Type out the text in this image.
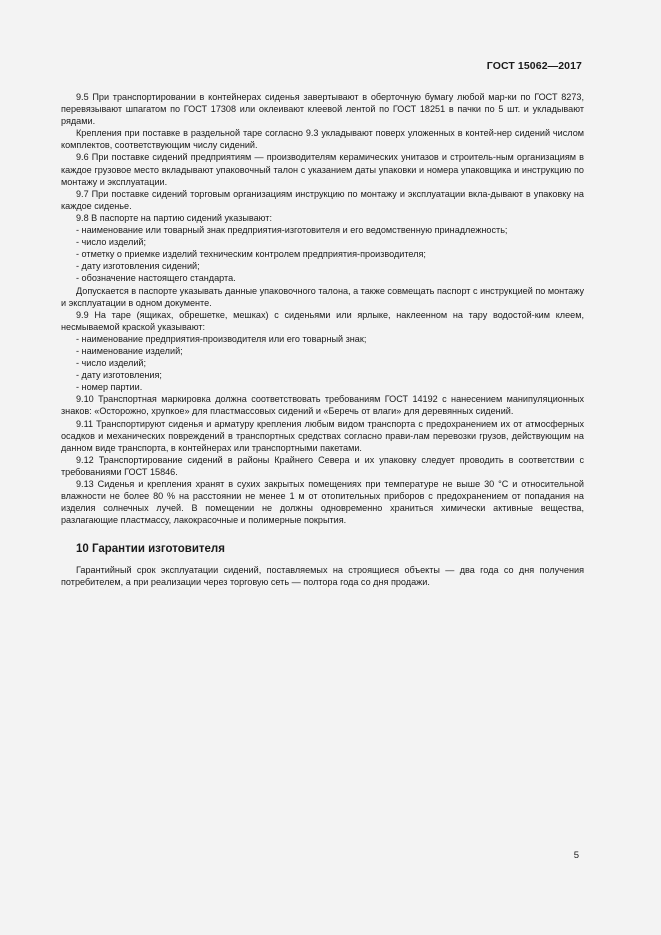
ГОСТ 15062—2017

9.5 При транспортировании в контейнерах сиденья завертывают в оберточную бумагу любой мар-ки по ГОСТ 8273, перевязывают шпагатом по ГОСТ 17308 или оклеивают клеевой лентой по ГОСТ 18251 в пачки по 5 шт. и укладывают рядами.

Крепления при поставке в раздельной таре согласно 9.3 укладывают поверх уложенных в контей-нер сидений числом комплектов, соответствующим числу сидений.

9.6 При поставке сидений предприятиям — производителям керамических унитазов и строитель-ным организациям в каждое грузовое место вкладывают упаковочный талон с указанием даты упаковки и номера упаковщика и инструкцию по монтажу и эксплуатации.

9.7 При поставке сидений торговым организациям инструкцию по монтажу и эксплуатации вкла-дывают в упаковку на каждое сиденье.

9.8 В паспорте на партию сидений указывают:

- наименование или товарный знак предприятия-изготовителя и его ведомственную принадлежность;

- число изделий;

- отметку о приемке изделий техническим контролем предприятия-производителя;

- дату изготовления сидений;

- обозначение настоящего стандарта.

Допускается в паспорте указывать данные упаковочного талона, а также совмещать паспорт с инструкцией по монтажу и эксплуатации в одном документе.

9.9 На таре (ящиках, обрешетке, мешках) с сиденьями или ярлыке, наклеенном на тару водостой-ким клеем, несмываемой краской указывают:

- наименование предприятия-производителя или его товарный знак;

- наименование изделий;

- число изделий;

- дату изготовления;

- номер партии.

9.10 Транспортная маркировка должна соответствовать требованиям ГОСТ 14192 с нанесением манипуляционных знаков: «Осторожно, хрупкое» для пластмассовых сидений и «Беречь от влаги» для деревянных сидений.

9.11 Транспортируют сиденья и арматуру крепления любым видом транспорта с предохранением их от атмосферных осадков и механических повреждений в транспортных средствах согласно прави-лам перевозки грузов, действующим на данном виде транспорта, в контейнерах или транспортными пакетами.

9.12 Транспортирование сидений в районы Крайнего Севера и их упаковку следует проводить в соответствии с требованиями ГОСТ 15846.

9.13 Сиденья и крепления хранят в сухих закрытых помещениях при температуре не выше 30 °С и относительной влажности не более 80 % на расстоянии не менее 1 м от отопительных приборов с предохранением от попадания на изделия солнечных лучей. В помещении не должны одновременно храниться химически активные вещества, разлагающие пластмассу, лакокрасочные и полимерные покрытия.

10 Гарантии изготовителя

Гарантийный срок эксплуатации сидений, поставляемых на строящиеся объекты — два года со дня получения потребителем, а при реализации через торговую сеть — полтора года со дня продажи.

5
